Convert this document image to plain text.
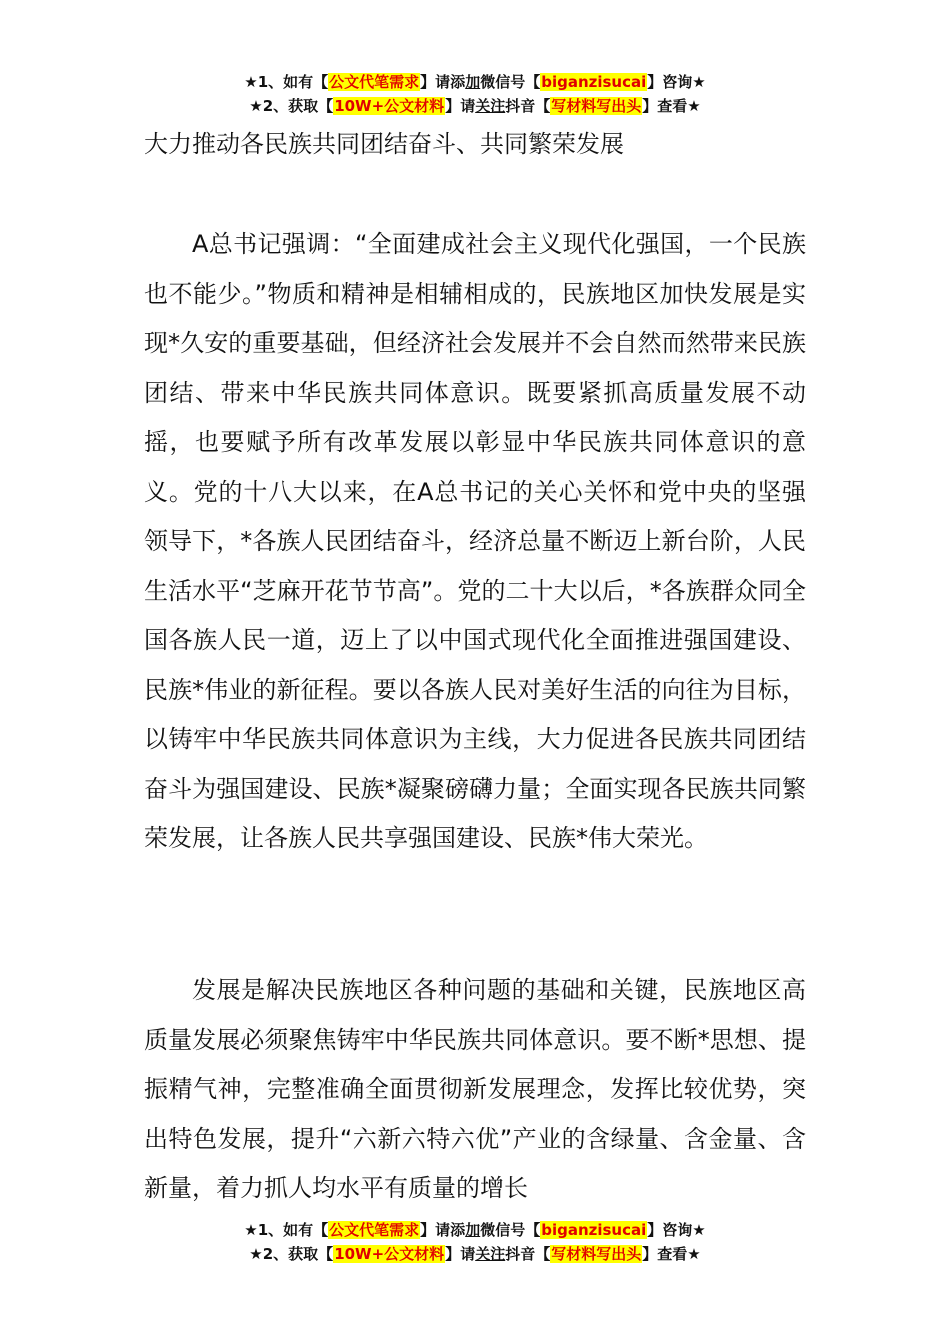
★1、如有【公文代笔需求】请添加微信号【biganzisucai】咨询★
★2、获取【10W+公文材料】请关注抖音【写材料写出头】查看★
大力推动各民族共同团结奋斗、共同繁荣发展

A总书记强调：“全面建成社会主义现代化强国，一个民族也不能少。”物质和精神是相辅相成的，民族地区加快发展是实现*久安的重要基础，但经济社会发展并不会自然而然带来民族团结、带来中华民族共同体意识。既要紧抓高质量发展不动摇，也要赋予所有改革发展以彰显中华民族共同体意识的意义。党的十八大以来，在A总书记的关心关怀和党中央的坚强领导下，*各族人民团结奋斗，经济总量不断迈上新台阶，人民生活水平“芝麻开花节节高”。党的二十大以后，*各族群众同全国各族人民一道，迈上了以中国式现代化全面推进强国建设、民族*伟业的新征程。要以各族人民对美好生活的向往为目标，以铸牢中华民族共同体意识为主线，大力促进各民族共同团结奋斗为强国建设、民族*凝聚磅礴力量；全面实现各民族共同繁荣发展，让各族人民共享强国建设、民族*伟大荣光。

发展是解决民族地区各种问题的基础和关键，民族地区高质量发展必须聚焦铸牢中华民族共同体意识。要不断*思想、提振精气神，完整准确全面贯彻新发展理念，发挥比较优势，突出特色发展，提升“六新六特六优”产业的含绿量、含金量、含新量，着力抓人均水平有质量的增长

★1、如有【公文代笔需求】请添加微信号【biganzisucai】咨询★
★2、获取【10W+公文材料】请关注抖音【写材料写出头】查看★
